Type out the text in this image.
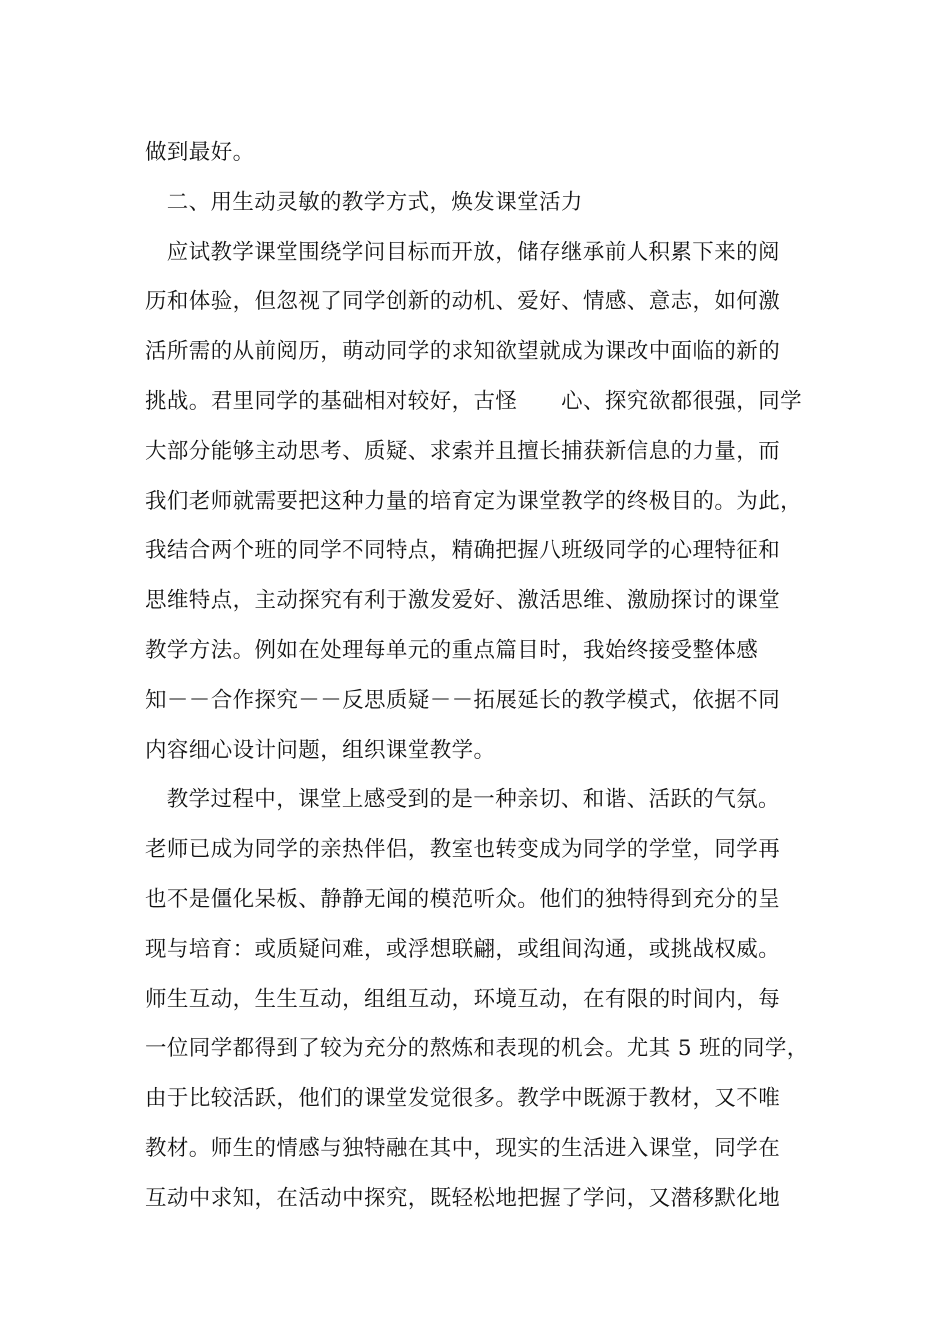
做到最好。
二、用生动灵敏的教学方式，焕发课堂活力
应试教学课堂围绕学问目标而开放，储存继承前人积累下来的阅
历和体验，但忽视了同学创新的动机、爱好、情感、意志，如何激
活所需的从前阅历，萌动同学的求知欲望就成为课改中面临的新的
挑战。君里同学的基础相对较好，古怪　　心、探究欲都很强，同学
大部分能够主动思考、质疑、求索并且擅长捕获新信息的力量，而
我们老师就需要把这种力量的培育定为课堂教学的终极目的。为此，
我结合两个班的同学不同特点，精确把握八班级同学的心理特征和
思维特点，主动探究有利于激发爱好、激活思维、激励探讨的课堂
教学方法。例如在处理每单元的重点篇目时，我始终接受整体感
知－－合作探究－－反思质疑－－拓展延长的教学模式，依据不同
内容细心设计问题，组织课堂教学。
教学过程中，课堂上感受到的是一种亲切、和谐、活跃的气氛。
老师已成为同学的亲热伴侣，教室也转变成为同学的学堂，同学再
也不是僵化呆板、静静无闻的模范听众。他们的独特得到充分的呈
现与培育：或质疑问难，或浮想联翩，或组间沟通，或挑战权威。
师生互动，生生互动，组组互动，环境互动，在有限的时间内，每
一位同学都得到了较为充分的熬炼和表现的机会。尤其 5 班的同学，
由于比较活跃，他们的课堂发觉很多。教学中既源于教材，又不唯
教材。师生的情感与独特融在其中，现实的生活进入课堂，同学在
互动中求知，在活动中探究，既轻松地把握了学问，又潜移默化地
